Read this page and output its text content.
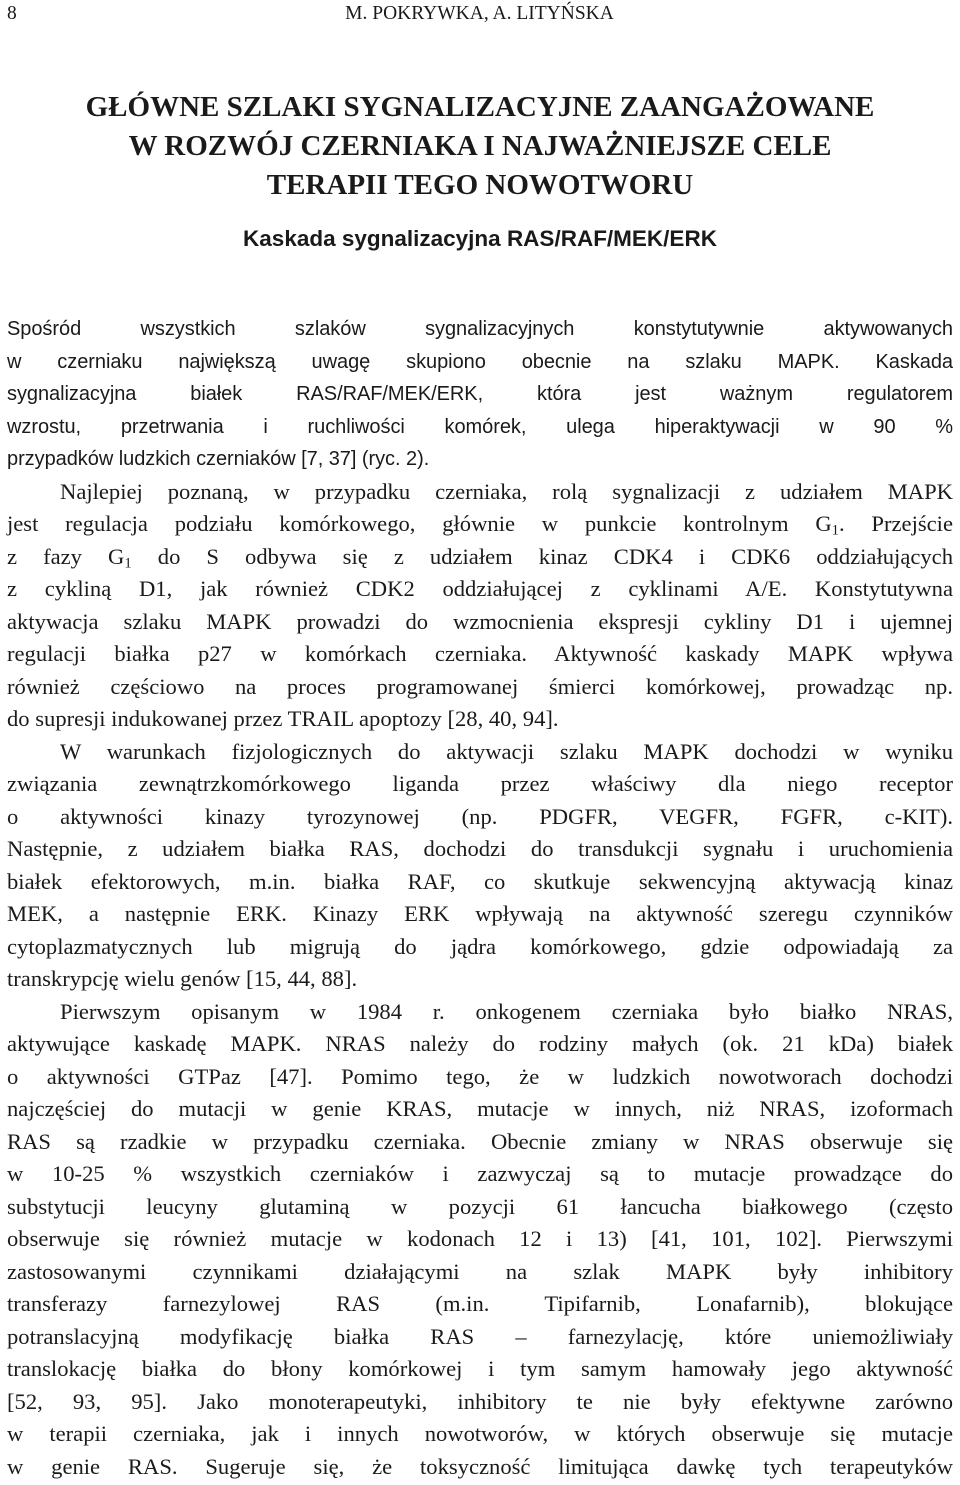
8	M. POKRYWKA, A. LITYŃSKA
GŁÓWNE SZLAKI SYGNALIZACYJNE ZAANGAŻOWANE
W ROZWÓJ CZERNIAKA I NAJWAŻNIEJSZE CELE
TERAPII TEGO NOWOTWORU
Kaskada sygnalizacyjna RAS/RAF/MEK/ERK
Spośród wszystkich szlaków sygnalizacyjnych konstytutywnie aktywowanych
w czerniaku największą uwagę skupiono obecnie na szlaku MAPK. Kaskada
sygnalizacyjna białek RAS/RAF/MEK/ERK, która jest ważnym regulatorem
wzrostu, przetrwania i ruchliwości komórek, ulega hiperaktywacji w 90 %
przypadków ludzkich czerniaków [7, 37] (ryc. 2).
Najlepiej poznaną, w przypadku czerniaka, rolą sygnalizacji z udziałem MAPK
jest regulacja podziału komórkowego, głównie w punkcie kontrolnym $G_1$. Przejście
z fazy $G_1$ do S odbywa się z udziałem kinaz CDK4 i CDK6 oddziałujących
z cykliną D1, jak również CDK2 oddziałującej z cyklinami A/E. Konstytutywna
aktywacja szlaku MAPK prowadzi do wzmocnienia ekspresji cykliny D1 i ujemnej
regulacji białka p27 w komórkach czerniaka. Aktywność kaskady MAPK wpływa
również częściowo na proces programowanej śmierci komórkowej, prowadząc np.
do supresji indukowanej przez TRAIL apoptozy [28, 40, 94].
W warunkach fizjologicznych do aktywacji szlaku MAPK dochodzi w wyniku
związania zewnątrzkomórkowego liganda przez właściwy dla niego receptor
o aktywności kinazy tyrozynowej (np. PDGFR, VEGFR, FGFR, c-KIT).
Następnie, z udziałem białka RAS, dochodzi do transdukcji sygnału i uruchomienia
białek efektorowych, m.in. białka RAF, co skutkuje sekwencyjną aktywacją kinaz
MEK, a następnie ERK. Kinazy ERK wpływają na aktywność szeregu czynników
cytoplazmatycznych lub migrują do jądra komórkowego, gdzie odpowiadają za
transkrypcję wielu genów [15, 44, 88].
Pierwszym opisanym w 1984 r. onkogenem czerniaka było białko NRAS,
aktywujące kaskadę MAPK. NRAS należy do rodziny małych (ok. 21 kDa) białek
o aktywności GTPaz [47]. Pomimo tego, że w ludzkich nowotworach dochodzi
najczęściej do mutacji w genie KRAS, mutacje w innych, niż NRAS, izoformach
RAS są rzadkie w przypadku czerniaka. Obecnie zmiany w NRAS obserwuje się
w 10-25 % wszystkich czerniaków i zazwyczaj są to mutacje prowadzące do
substytucji leucyny glutaminą w pozycji 61 łancucha białkowego (często
obserwuje się również mutacje w kodonach 12 i 13) [41, 101, 102]. Pierwszymi
zastosowanymi czynnikami działającymi na szlak MAPK były inhibitory
transferazy farnezylowej RAS (m.in. Tipifarnib, Lonafarnib), blokujące
potranslacyjną modyfikację białka RAS – farnezylację, które uniemożliwiały
translokację białka do błony komórkowej i tym samym hamowały jego aktywność
[52, 93, 95]. Jako monoterapeutyki, inhibitory te nie były efektywne zarówno
w terapii czerniaka, jak i innych nowotworów, w których obserwuje się mutacje
w genie RAS. Sugeruje się, że toksyczność limitująca dawkę tych terapeutyków
